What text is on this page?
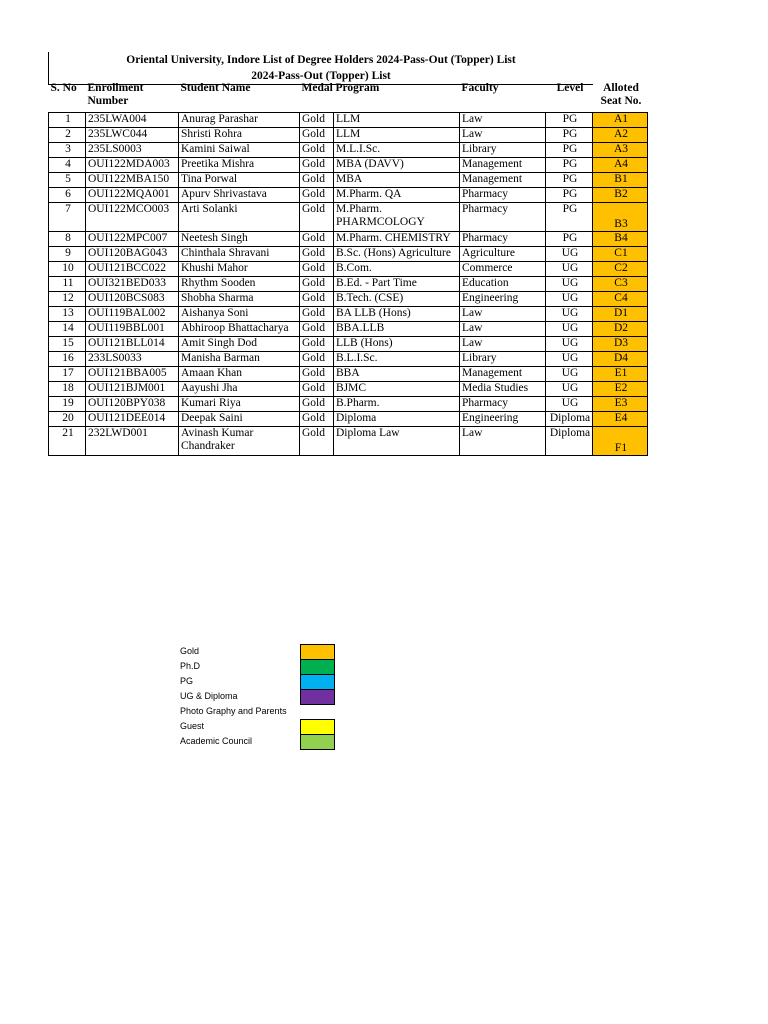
Oriental University, Indore List of Degree Holders 2024-Pass-Out (Topper) List
2024-Pass-Out (Topper) List
S. No	Enrollment Number	Student Name	Medal	Program	Faculty	Level	Alloted Seat No.
1	235LWA004	Anurag Parashar	Gold	LLM	Law	PG	A1
2	235LWC044	Shristi Rohra	Gold	LLM	Law	PG	A2
3	235LS0003	Kamini Saiwal	Gold	M.L.I.Sc.	Library	PG	A3
4	OUI122MDA003	Preetika Mishra	Gold	MBA (DAVV)	Management	PG	A4
5	OUI122MBA150	Tina Porwal	Gold	MBA	Management	PG	B1
6	OUI122MQA001	Apurv Shrivastava	Gold	M.Pharm. QA	Pharmacy	PG	B2
7	OUI122MCO003	Arti Solanki	Gold	M.Pharm. PHARMCOLOGY	Pharmacy	PG	B3
8	OUI122MPC007	Neetesh Singh	Gold	M.Pharm. CHEMISTRY	Pharmacy	PG	B4
9	OUI120BAG043	Chinthala Shravani	Gold	B.Sc. (Hons) Agriculture	Agriculture	UG	C1
10	OUI121BCC022	Khushi Mahor	Gold	B.Com.	Commerce	UG	C2
11	OUI321BED033	Rhythm Sooden	Gold	B.Ed. - Part Time	Education	UG	C3
12	OUI120BCS083	Shobha Sharma	Gold	B.Tech. (CSE)	Engineering	UG	C4
13	OUI119BAL002	Aishanya Soni	Gold	BA LLB (Hons)	Law	UG	D1
14	OUI119BBL001	Abhiroop Bhattacharya	Gold	BBA.LLB	Law	UG	D2
15	OUI121BLL014	Amit Singh Dod	Gold	LLB (Hons)	Law	UG	D3
16	233LS0033	Manisha Barman	Gold	B.L.I.Sc.	Library	UG	D4
17	OUI121BBA005	Amaan Khan	Gold	BBA	Management	UG	E1
18	OUI121BJM001	Aayushi Jha	Gold	BJMC	Media Studies	UG	E2
19	OUI120BPY038	Kumari Riya	Gold	B.Pharm.	Pharmacy	UG	E3
20	OUI121DEE014	Deepak Saini	Gold	Diploma	Engineering	Diploma	E4
21	232LWD001	Avinash Kumar Chandraker	Gold	Diploma Law	Law	Diploma	F1
Gold
Ph.D
PG
UG & Diploma
Photo Graphy and Parents
Guest
Academic Council
